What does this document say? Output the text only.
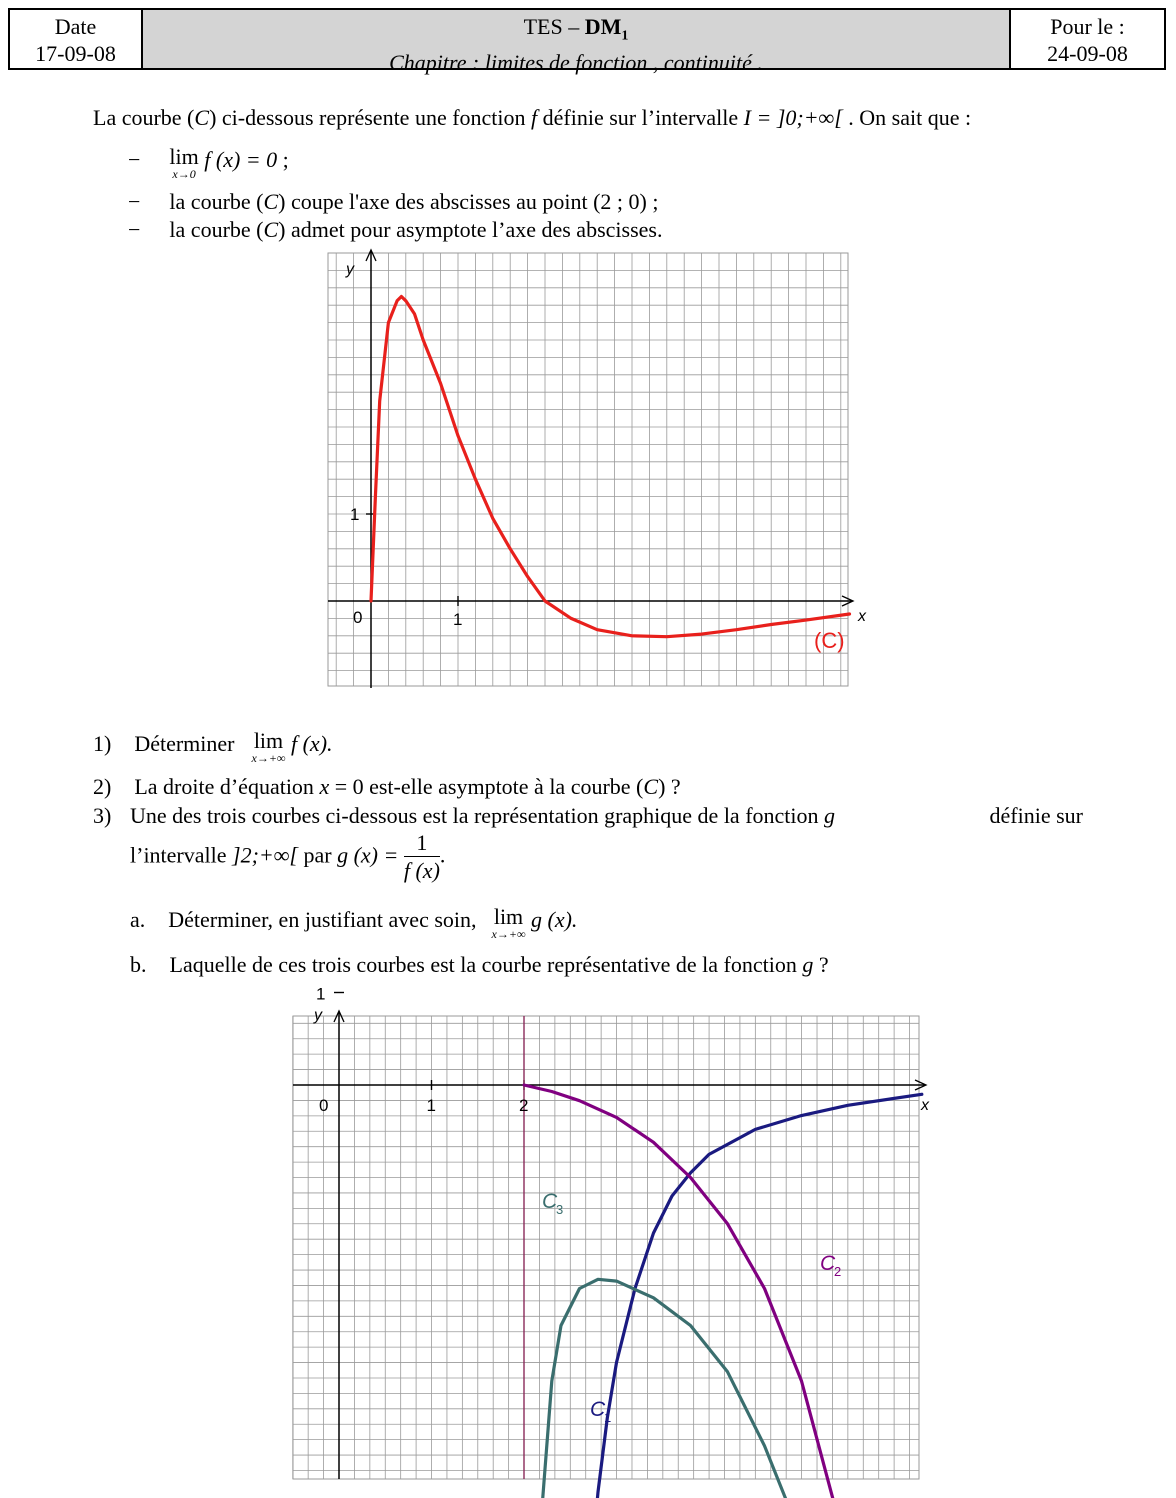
Date
17-09-08
TES – $DM_1$
Chapitre : limites de fonction , continuité .
Pour le :
24-09-08
La courbe (C) ci-dessous représente une fonction f définie sur l’intervalle I = ]0;+∞[ . On sait que :
− lim
x→0
f (x) = 0 ;
− la courbe (C) coupe l'axe des abscisses au point (2 ; 0) ;
− la courbe (C) admet pour asymptote l’axe des abscisses.
0	1
1
y
x
(C)
1) Déterminer lim
x→+∞
f (x).
2) La droite d’équation x = 0 est-elle asymptote à la courbe (C) ?
3) Une des trois courbes ci-dessous est la représentation graphique de la fonction g	définie sur
l’intervalle ]2;+∞[ par g $(x) = \frac{1}{f (x)}$ .
a. Déterminer, en justifiant avec soin, lim
x→+∞
g (x).
b. Laquelle de ces trois courbes est la courbe représentative de la fonction g ?
0	1	2
1
y
x
C
1
C
2
C
3
